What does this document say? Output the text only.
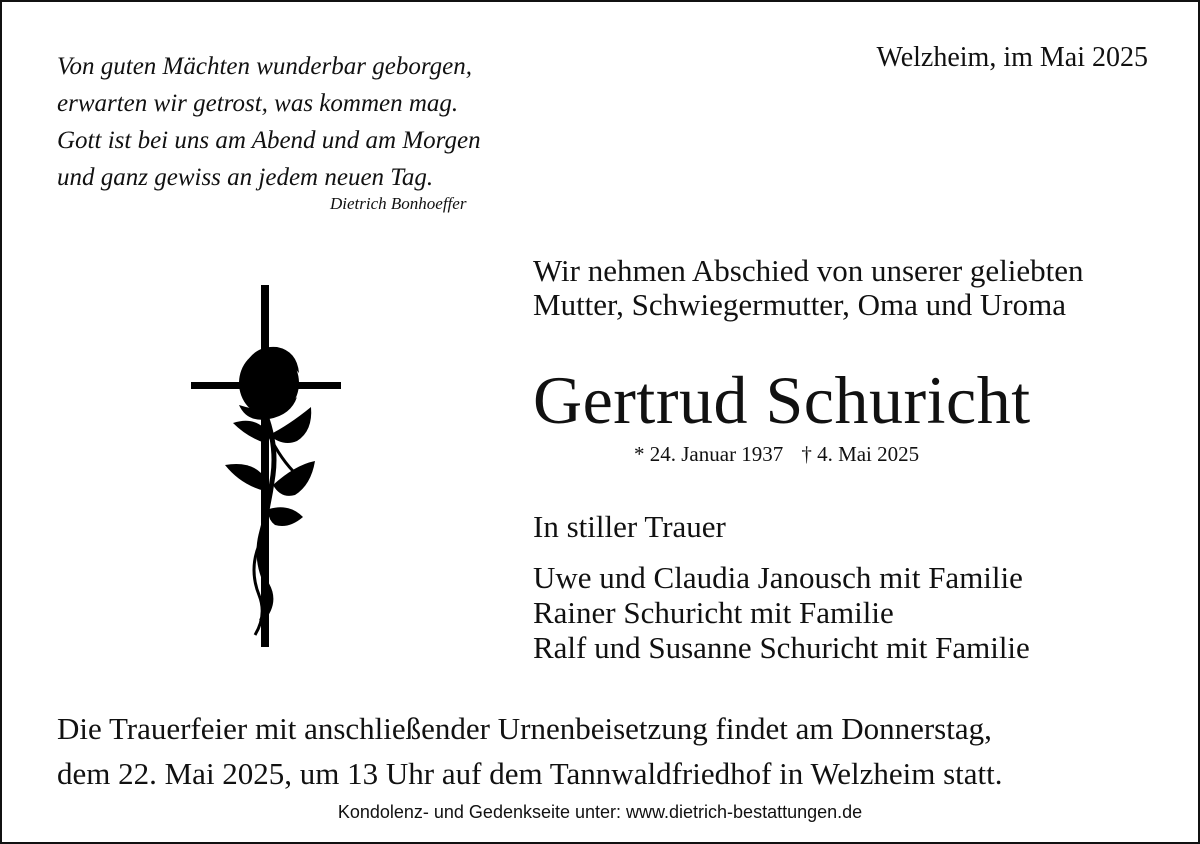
Von guten Mächten wunderbar geborgen,
erwarten wir getrost, was kommen mag.
Gott ist bei uns am Abend und am Morgen
und ganz gewiss an jedem neuen Tag.
Dietrich Bonhoeffer
Welzheim, im Mai 2025
Wir nehmen Abschied von unserer geliebten
Mutter, Schwiegermutter, Oma und Uroma
Gertrud Schuricht
* 24. Januar 1937 † 4. Mai 2025
In stiller Trauer
Uwe und Claudia Janousch mit Familie
Rainer Schuricht mit Familie
Ralf und Susanne Schuricht mit Familie
Die Trauerfeier mit anschließender Urnenbeisetzung findet am Donnerstag,
dem 22. Mai 2025, um 13 Uhr auf dem Tannwaldfriedhof in Welzheim statt.
Kondolenz- und Gedenkseite unter: www.dietrich-bestattungen.de
